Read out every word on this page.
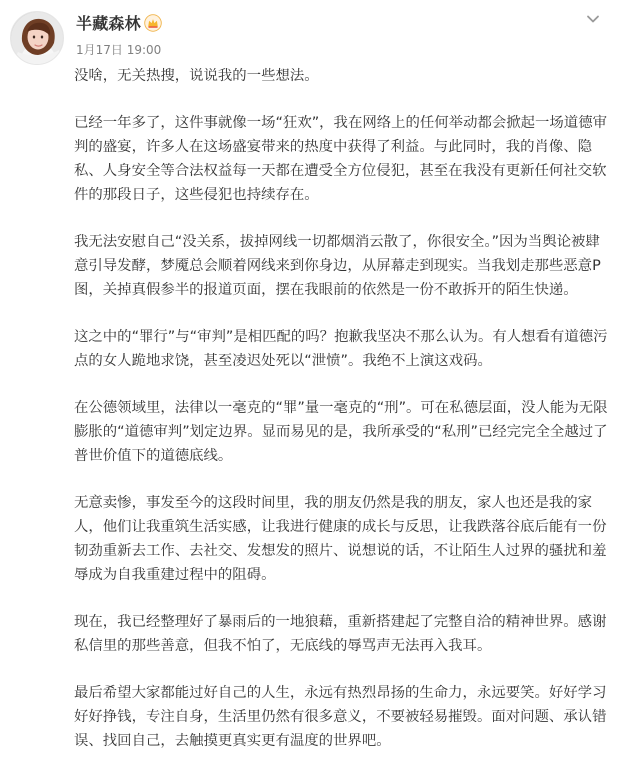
半藏森林
1月17日 19:00

没啥，无关热搜，说说我的一些想法。

已经一年多了，这件事就像一场“狂欢”，我在网络上的任何举动都会掀起一场道德审判的盛宴，许多人在这场盛宴带来的热度中获得了利益。与此同时，我的肖像、隐私、人身安全等合法权益每一天都在遭受全方位侵犯，甚至在我没有更新任何社交软件的那段日子，这些侵犯也持续存在。

我无法安慰自己“没关系，拔掉网线一切都烟消云散了，你很安全。”因为当舆论被肆意引导发酵，梦魇总会顺着网线来到你身边，从屏幕走到现实。当我划走那些恶意P图，关掉真假参半的报道页面，摆在我眼前的依然是一份不敢拆开的陌生快递。

这之中的“罪行”与“审判”是相匹配的吗？抱歉我坚决不那么认为。有人想看有道德污点的女人跪地求饶，甚至凌迟处死以“泄愤”。我绝不上演这戏码。

在公德领域里，法律以一毫克的“罪”量一毫克的“刑”。可在私德层面，没人能为无限膨胀的“道德审判”划定边界。显而易见的是，我所承受的“私刑”已经完完全全越过了普世价值下的道德底线。

无意卖惨，事发至今的这段时间里，我的朋友仍然是我的朋友，家人也还是我的家人，他们让我重筑生活实感，让我进行健康的成长与反思，让我跌落谷底后能有一份韧劲重新去工作、去社交、发想发的照片、说想说的话，不让陌生人过界的骚扰和羞辱成为自我重建过程中的阻碍。

现在，我已经整理好了暴雨后的一地狼藉，重新搭建起了完整自洽的精神世界。感谢私信里的那些善意，但我不怕了，无底线的辱骂声无法再入我耳。

最后希望大家都能过好自己的人生，永远有热烈昂扬的生命力，永远要笑。好好学习好好挣钱，专注自身，生活里仍然有很多意义，不要被轻易摧毁。面对问题、承认错误、找回自己，去触摸更真实更有温度的世界吧。
